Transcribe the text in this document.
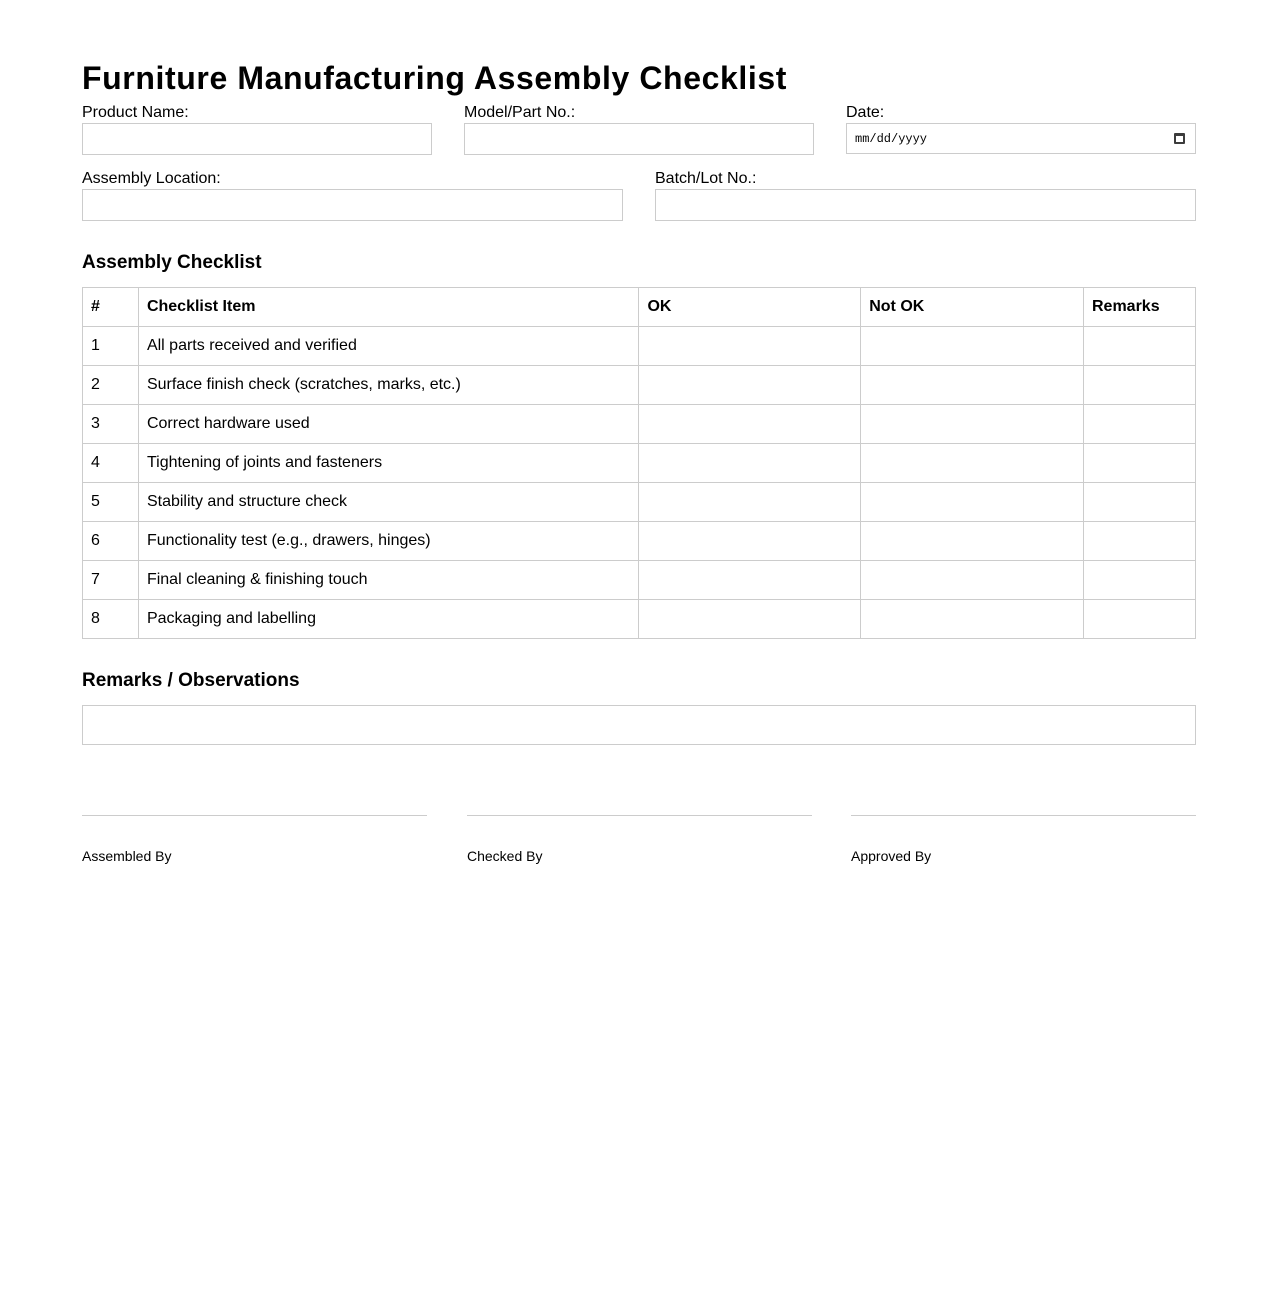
Furniture Manufacturing Assembly Checklist
Product Name:	Model/Part No.:	Date:
mm/dd/yyyy
Assembly Location:	Batch/Lot No.:
Assembly Checklist
#	Checklist Item	OK	Not OK	Remarks
1	All parts received and verified			
2	Surface finish check (scratches, marks, etc.)			
3	Correct hardware used			
4	Tightening of joints and fasteners			
5	Stability and structure check			
6	Functionality test (e.g., drawers, hinges)			
7	Final cleaning & finishing touch			
8	Packaging and labelling			
Remarks / Observations
Assembled By	Checked By	Approved By
